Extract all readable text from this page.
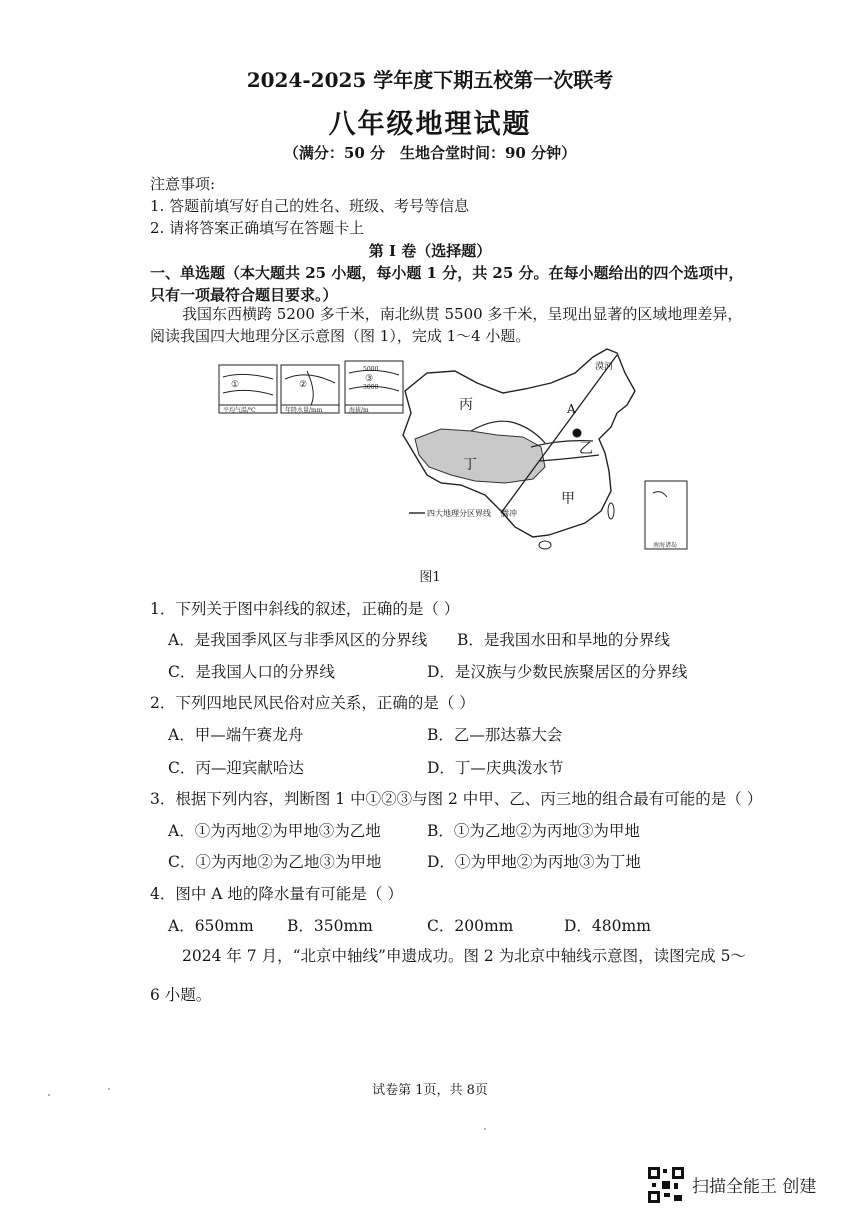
2024-2025 学年度下期五校第一次联考
八年级地理试题
（满分：50 分　生地合堂时间：90 分钟）
注意事项:
1. 答题前填写好自己的姓名、班级、考号等信息
2. 请将答案正确填写在答题卡上
第 I 卷（选择题）
一、单选题（本大题共 25 小题，每小题 1 分，共 25 分。在每小题给出的四个选项中，
只有一项最符合题目要求。）
我国东西横跨 5200 多千米，南北纵贯 5500 多千米，呈现出显著的区域地理差异，
阅读我国四大地理分区示意图（图 1），完成 1～4 小题。
①
平均气温/℃
②
年降水量/mm
5000
3000
③
海拔/m
南海诸岛
丙
丁
乙
甲
A
漠河
四大地理分区界线 腾冲
图1
1．下列关于图中斜线的叙述，正确的是（ ）
A．是我国季风区与非季风区的分界线 B．是我国水田和旱地的分界线
C．是我国人口的分界线	D．是汉族与少数民族聚居区的分界线
2．下列四地民风民俗对应关系，正确的是（ ）
A．甲—端午赛龙舟	B．乙—那达慕大会
C．丙—迎宾献哈达	D．丁—庆典泼水节
3．根据下列内容，判断图 1 中①②③与图 2 中甲、乙、丙三地的组合最有可能的是（ ）
A．①为丙地②为甲地③为乙地	B．①为乙地②为丙地③为甲地
C．①为丙地②为乙地③为甲地	D．①为甲地②为丙地③为丁地
4．图中 A 地的降水量有可能是（ ）
A．650mm B．350mm	C．200mm	D．480mm
2024 年 7 月，“北京中轴线”申遗成功。图 2 为北京中轴线示意图，读图完成 5～
6 小题。
试卷第 1页，共 8页
扫描全能王 创建
